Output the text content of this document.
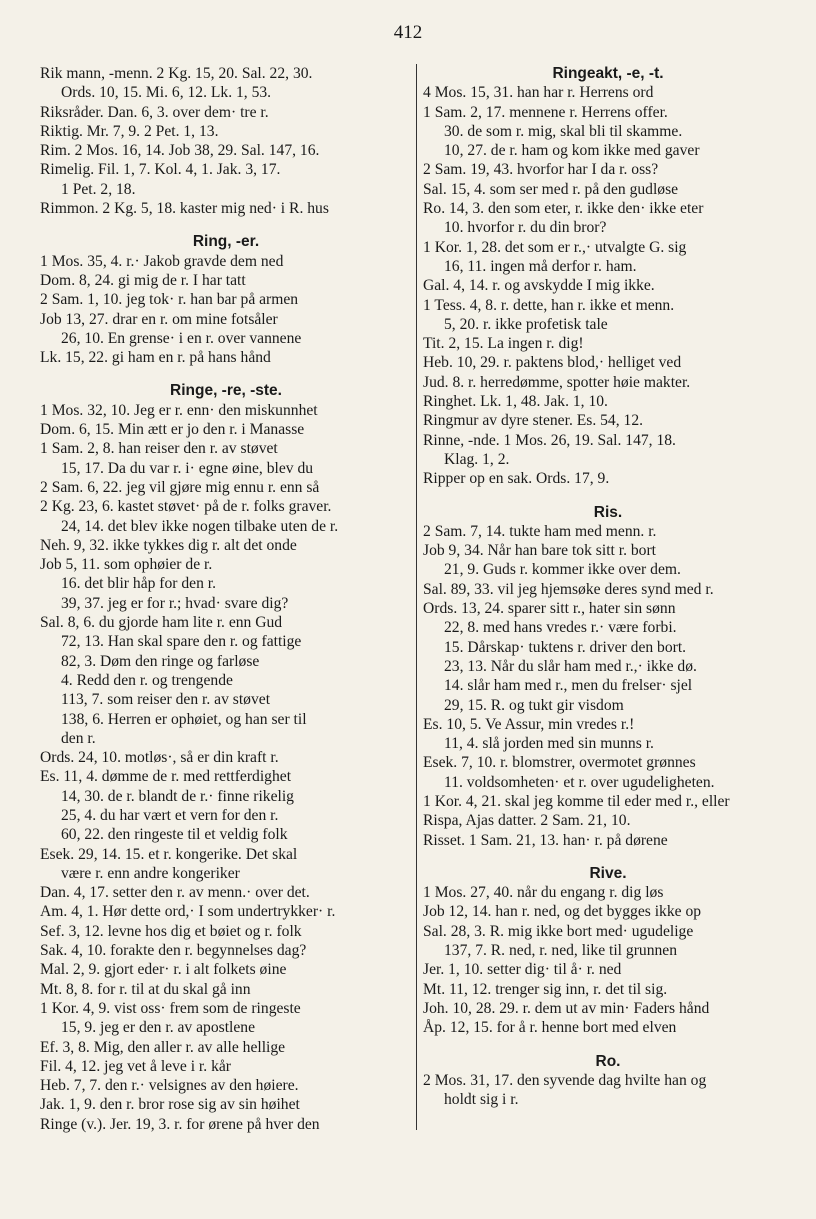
412
Rik mann, -menn. 2 Kg. 15, 20. Sal. 22, 30.
Ords. 10, 15. Mi. 6, 12. Lk. 1, 53.
Riksråder. Dan. 6, 3. over dem· tre r.
Riktig. Mr. 7, 9. 2 Pet. 1, 13.
Rim. 2 Mos. 16, 14. Job 38, 29. Sal. 147, 16.
Rimelig. Fil. 1, 7. Kol. 4, 1. Jak. 3, 17.
1 Pet. 2, 18.
Rimmon. 2 Kg. 5, 18. kaster mig ned· i R. hus
Ring, -er.
1 Mos. 35, 4. r.· Jakob gravde dem ned
Dom. 8, 24. gi mig de r. I har tatt
2 Sam. 1, 10. jeg tok· r. han bar på armen
Job 13, 27. drar en r. om mine fotsåler
26, 10. En grense· i en r. over vannene
Lk. 15, 22. gi ham en r. på hans hånd
Ringe, -re, -ste.
1 Mos. 32, 10. Jeg er r. enn· den miskunnhet
Dom. 6, 15. Min ætt er jo den r. i Manasse
1 Sam. 2, 8. han reiser den r. av støvet
15, 17. Da du var r. i· egne øine, blev du
2 Sam. 6, 22. jeg vil gjøre mig ennu r. enn så
2 Kg. 23, 6. kastet støvet· på de r. folks graver.
24, 14. det blev ikke nogen tilbake uten de r.
Neh. 9, 32. ikke tykkes dig r. alt det onde
Job 5, 11. som ophøier de r.
16. det blir håp for den r.
39, 37. jeg er for r.; hvad· svare dig?
Sal. 8, 6. du gjorde ham lite r. enn Gud
72, 13. Han skal spare den r. og fattige
82, 3. Døm den ringe og farløse
4. Redd den r. og trengende
113, 7. som reiser den r. av støvet
138, 6. Herren er ophøiet, og han ser til
den r.
Ords. 24, 10. motløs·, så er din kraft r.
Es. 11, 4. dømme de r. med rettferdighet
14, 30. de r. blandt de r.· finne rikelig
25, 4. du har vært et vern for den r.
60, 22. den ringeste til et veldig folk
Esek. 29, 14. 15. et r. kongerike. Det skal
være r. enn andre kongeriker
Dan. 4, 17. setter den r. av menn.· over det.
Am. 4, 1. Hør dette ord,· I som undertrykker· r.
Sef. 3, 12. levne hos dig et bøiet og r. folk
Sak. 4, 10. forakte den r. begynnelses dag?
Mal. 2, 9. gjort eder· r. i alt folkets øine
Mt. 8, 8. for r. til at du skal gå inn
1 Kor. 4, 9. vist oss· frem som de ringeste
15, 9. jeg er den r. av apostlene
Ef. 3, 8. Mig, den aller r. av alle hellige
Fil. 4, 12. jeg vet å leve i r. kår
Heb. 7, 7. den r.· velsignes av den høiere.
Jak. 1, 9. den r. bror rose sig av sin høihet
Ringe (v.). Jer. 19, 3. r. for ørene på hver den
Ringeakt, -e, -t.
4 Mos. 15, 31. han har r. Herrens ord
1 Sam. 2, 17. mennene r. Herrens offer.
30. de som r. mig, skal bli til skamme.
10, 27. de r. ham og kom ikke med gaver
2 Sam. 19, 43. hvorfor har I da r. oss?
Sal. 15, 4. som ser med r. på den gudløse
Ro. 14, 3. den som eter, r. ikke den· ikke eter
10. hvorfor r. du din bror?
1 Kor. 1, 28. det som er r.,· utvalgte G. sig
16, 11. ingen må derfor r. ham.
Gal. 4, 14. r. og avskydde I mig ikke.
1 Tess. 4, 8. r. dette, han r. ikke et menn.
5, 20. r. ikke profetisk tale
Tit. 2, 15. La ingen r. dig!
Heb. 10, 29. r. paktens blod,· helliget ved
Jud. 8. r. herredømme, spotter høie makter.
Ringhet. Lk. 1, 48. Jak. 1, 10.
Ringmur av dyre stener. Es. 54, 12.
Rinne, -nde. 1 Mos. 26, 19. Sal. 147, 18.
Klag. 1, 2.
Ripper op en sak. Ords. 17, 9.
Ris.
2 Sam. 7, 14. tukte ham med menn. r.
Job 9, 34. Når han bare tok sitt r. bort
21, 9. Guds r. kommer ikke over dem.
Sal. 89, 33. vil jeg hjemsøke deres synd med r.
Ords. 13, 24. sparer sitt r., hater sin sønn
22, 8. med hans vredes r.· være forbi.
15. Dårskap· tuktens r. driver den bort.
23, 13. Når du slår ham med r.,· ikke dø.
14. slår ham med r., men du frelser· sjel
29, 15. R. og tukt gir visdom
Es. 10, 5. Ve Assur, min vredes r.!
11, 4. slå jorden med sin munns r.
Esek. 7, 10. r. blomstrer, overmotet grønnes
11. voldsomheten· et r. over ugudeligheten.
1 Kor. 4, 21. skal jeg komme til eder med r., eller
Rispa, Ajas datter. 2 Sam. 21, 10.
Risset. 1 Sam. 21, 13. han· r. på dørene
Rive.
1 Mos. 27, 40. når du engang r. dig løs
Job 12, 14. han r. ned, og det bygges ikke op
Sal. 28, 3. R. mig ikke bort med· ugudelige
137, 7. R. ned, r. ned, like til grunnen
Jer. 1, 10. setter dig· til å· r. ned
Mt. 11, 12. trenger sig inn, r. det til sig.
Joh. 10, 28. 29. r. dem ut av min· Faders hånd
Åp. 12, 15. for å r. henne bort med elven
Ro.
2 Mos. 31, 17. den syvende dag hvilte han og
holdt sig i r.
